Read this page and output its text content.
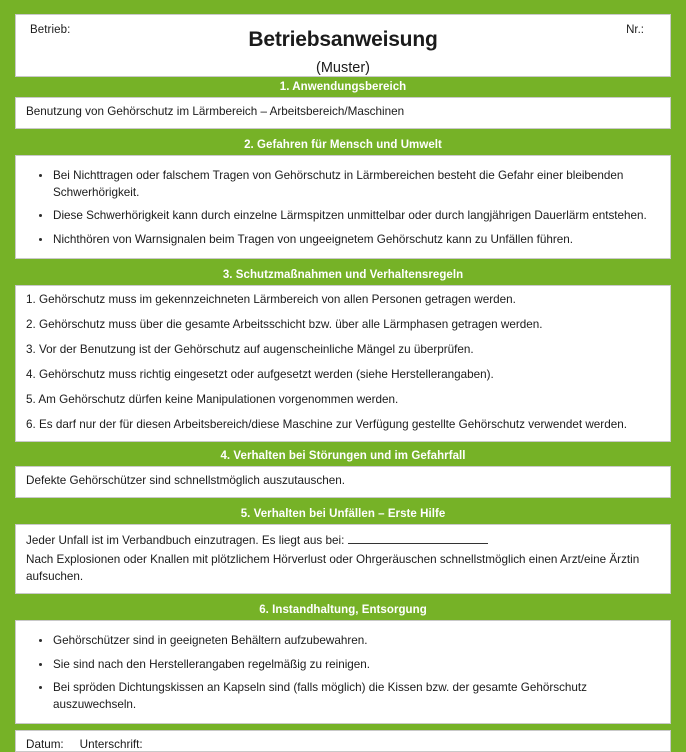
Betrieb:	Nr.:
Betriebsanweisung
(Muster)
1. Anwendungsbereich
Benutzung von Gehörschutz im Lärmbereich – Arbeitsbereich/Maschinen
2. Gefahren für Mensch und Umwelt
Bei Nichttragen oder falschem Tragen von Gehörschutz in Lärmbereichen besteht die Gefahr einer bleibenden Schwerhörigkeit.
Diese Schwerhörigkeit kann durch einzelne Lärmspitzen unmittelbar oder durch langjährigen Dauerlärm entstehen.
Nichthören von Warnsignalen beim Tragen von ungeeignetem Gehörschutz kann zu Unfällen führen.
3. Schutzmaßnahmen und Verhaltensregeln
1. Gehörschutz muss im gekennzeichneten Lärmbereich von allen Personen getragen werden.
2. Gehörschutz muss über die gesamte Arbeitsschicht bzw. über alle Lärmphasen getragen werden.
3. Vor der Benutzung ist der Gehörschutz auf augenscheinliche Mängel zu überprüfen.
4. Gehörschutz muss richtig eingesetzt oder aufgesetzt werden (siehe Herstellerangaben).
5. Am Gehörschutz dürfen keine Manipulationen vorgenommen werden.
6. Es darf nur der für diesen Arbeitsbereich/diese Maschine zur Verfügung gestellte Gehörschutz verwendet werden.
4. Verhalten bei Störungen und im Gefahrfall
Defekte Gehörschützer sind schnellstmöglich auszutauschen.
5. Verhalten bei Unfällen – Erste Hilfe
Jeder Unfall ist im Verbandbuch einzutragen. Es liegt aus bei:
Nach Explosionen oder Knallen mit plötzlichem Hörverlust oder Ohrgeräuschen schnellstmöglich einen Arzt/eine Ärztin aufsuchen.
6. Instandhaltung, Entsorgung
Gehörschützer sind in geeigneten Behältern aufzubewahren.
Sie sind nach den Herstellerangaben regelmäßig zu reinigen.
Bei spröden Dichtungskissen an Kapseln sind (falls möglich) die Kissen bzw. der gesamte Gehörschutz auszuwechseln.
Datum: Unterschrift:
